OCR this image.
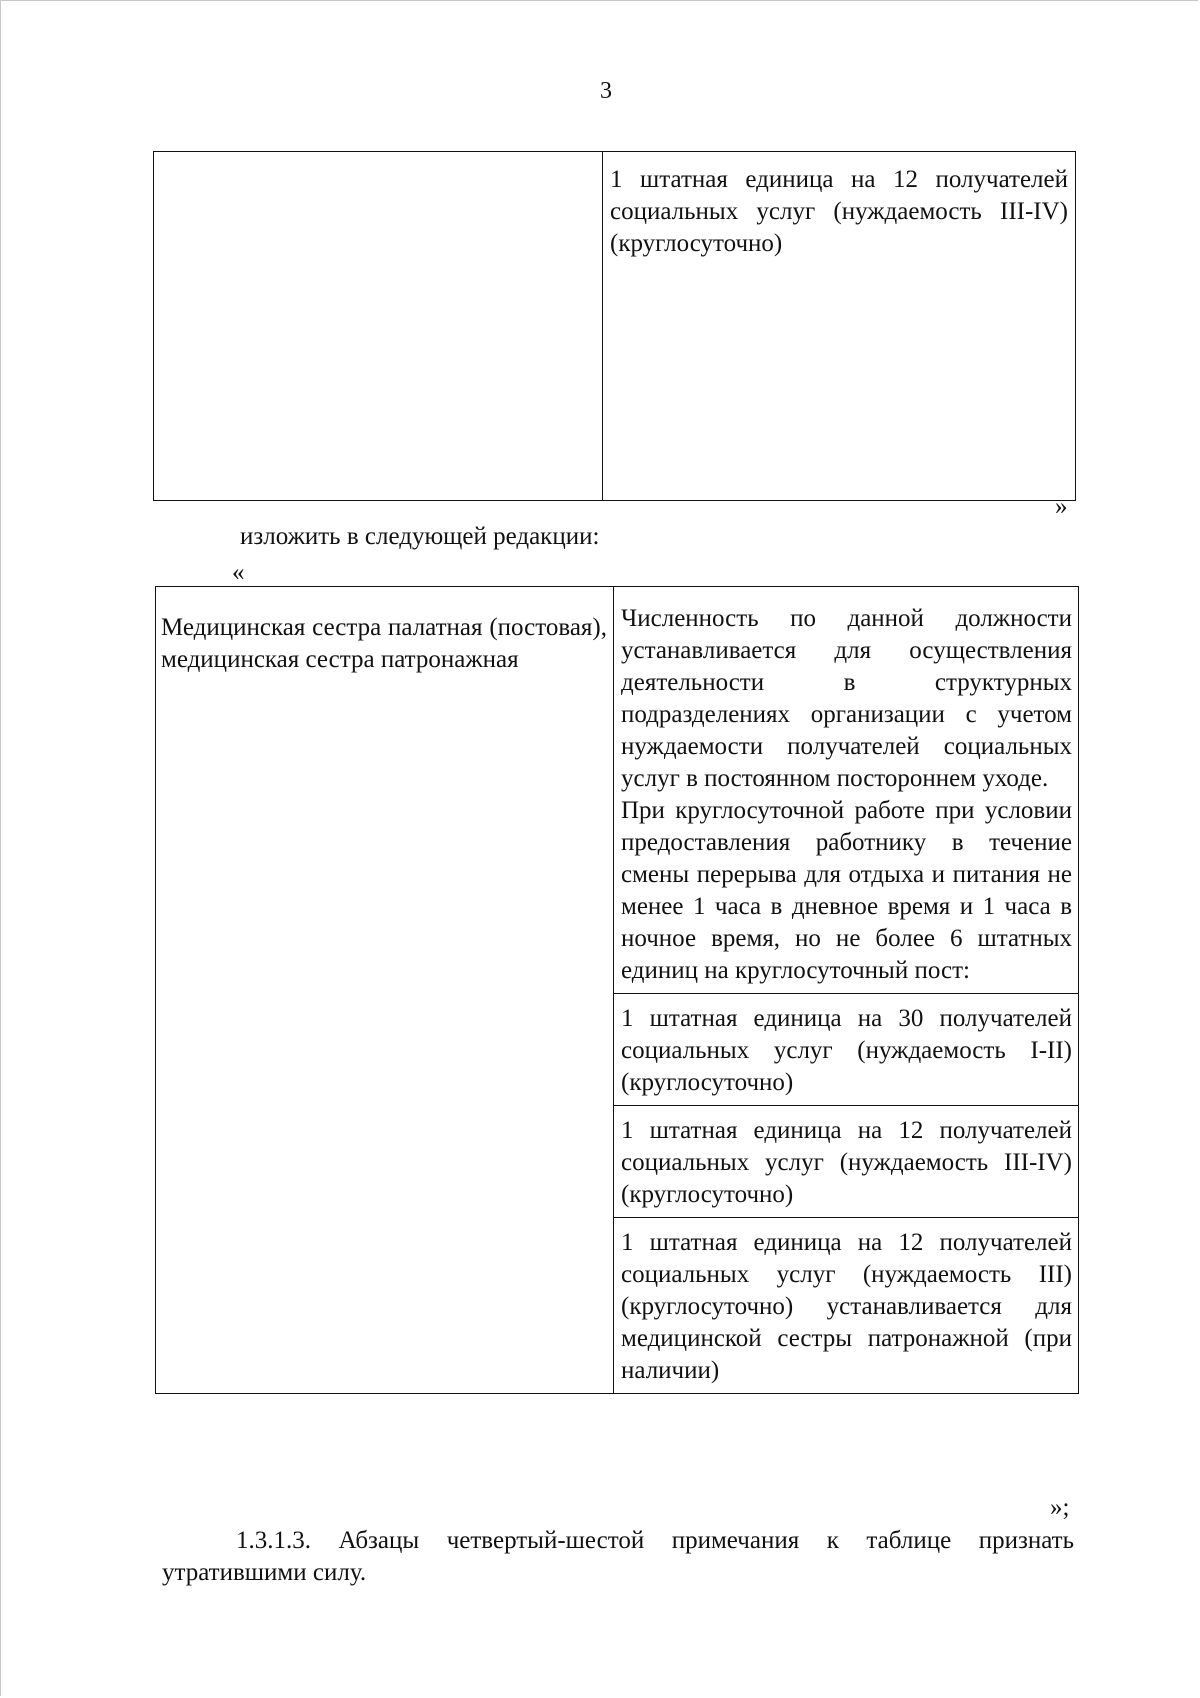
3
	1 штатная единица на 12 получателей социальных услуг (нуждаемость III-IV) (круглосуточно)
»
изложить в следующей редакции:
«
Медицинская сестра палатная (постовая), медицинская сестра патронажная	

Численность по данной должности устанавливается для осуществления деятельности в структурных подразделениях организации с учетом нуждаемости получателей социальных услуг в постоянном постороннем уходе.

При круглосуточной работе при условии предоставления работнику в течение смены перерыва для отдыха и питания не менее 1 часа в дневное время и 1 часа в ночное время, но не более 6 штатных единиц на круглосуточный пост:

1 штатная единица на 30 получателей социальных услуг (нуждаемость I-II) (круглосуточно)
1 штатная единица на 12 получателей социальных услуг (нуждаемость III-IV) (круглосуточно)
1 штатная единица на 12 получателей социальных услуг (нуждаемость III) (круглосуточно) устанавливается для медицинской сестры патронажной (при наличии)
»;

1.3.1.3. Абзацы четвертый-шестой примечания к таблице признать утратившими силу.
